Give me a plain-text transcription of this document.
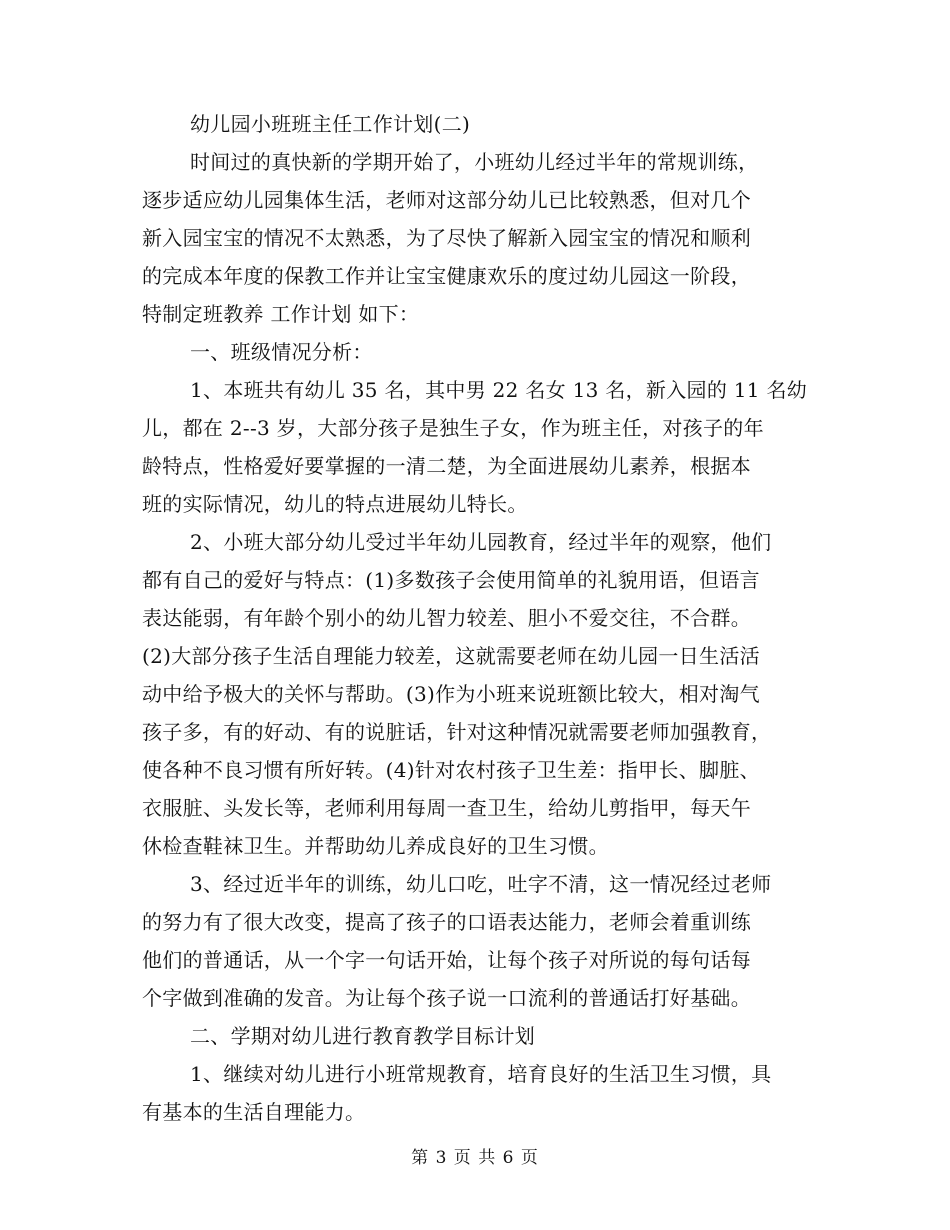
幼儿园小班班主任工作计划(二)
时间过的真快新的学期开始了，小班幼儿经过半年的常规训练，
逐步适应幼儿园集体生活，老师对这部分幼儿已比较熟悉，但对几个
新入园宝宝的情况不太熟悉，为了尽快了解新入园宝宝的情况和顺利
的完成本年度的保教工作并让宝宝健康欢乐的度过幼儿园这一阶段，
特制定班教养 工作计划 如下：
一、班级情况分析：
1、本班共有幼儿 35 名，其中男 22 名女 13 名，新入园的 11 名幼
儿，都在 2--3 岁，大部分孩子是独生子女，作为班主任，对孩子的年
龄特点，性格爱好要掌握的一清二楚，为全面进展幼儿素养，根据本
班的实际情况，幼儿的特点进展幼儿特长。
2、小班大部分幼儿受过半年幼儿园教育，经过半年的观察，他们
都有自己的爱好与特点：(1)多数孩子会使用简单的礼貌用语，但语言
表达能弱，有年龄个别小的幼儿智力较差、胆小不爱交往，不合群。
(2)大部分孩子生活自理能力较差，这就需要老师在幼儿园一日生活活
动中给予极大的关怀与帮助。(3)作为小班来说班额比较大，相对淘气
孩子多，有的好动、有的说脏话，针对这种情况就需要老师加强教育，
使各种不良习惯有所好转。(4)针对农村孩子卫生差：指甲长、脚脏、
衣服脏、头发长等，老师利用每周一查卫生，给幼儿剪指甲，每天午
休检查鞋袜卫生。并帮助幼儿养成良好的卫生习惯。
3、经过近半年的训练，幼儿口吃，吐字不清，这一情况经过老师
的努力有了很大改变，提高了孩子的口语表达能力，老师会着重训练
他们的普通话，从一个字一句话开始，让每个孩子对所说的每句话每
个字做到准确的发音。为让每个孩子说一口流利的普通话打好基础。
二、学期对幼儿进行教育教学目标计划
1、继续对幼儿进行小班常规教育，培育良好的生活卫生习惯，具
有基本的生活自理能力。
第 3 页 共 6 页
